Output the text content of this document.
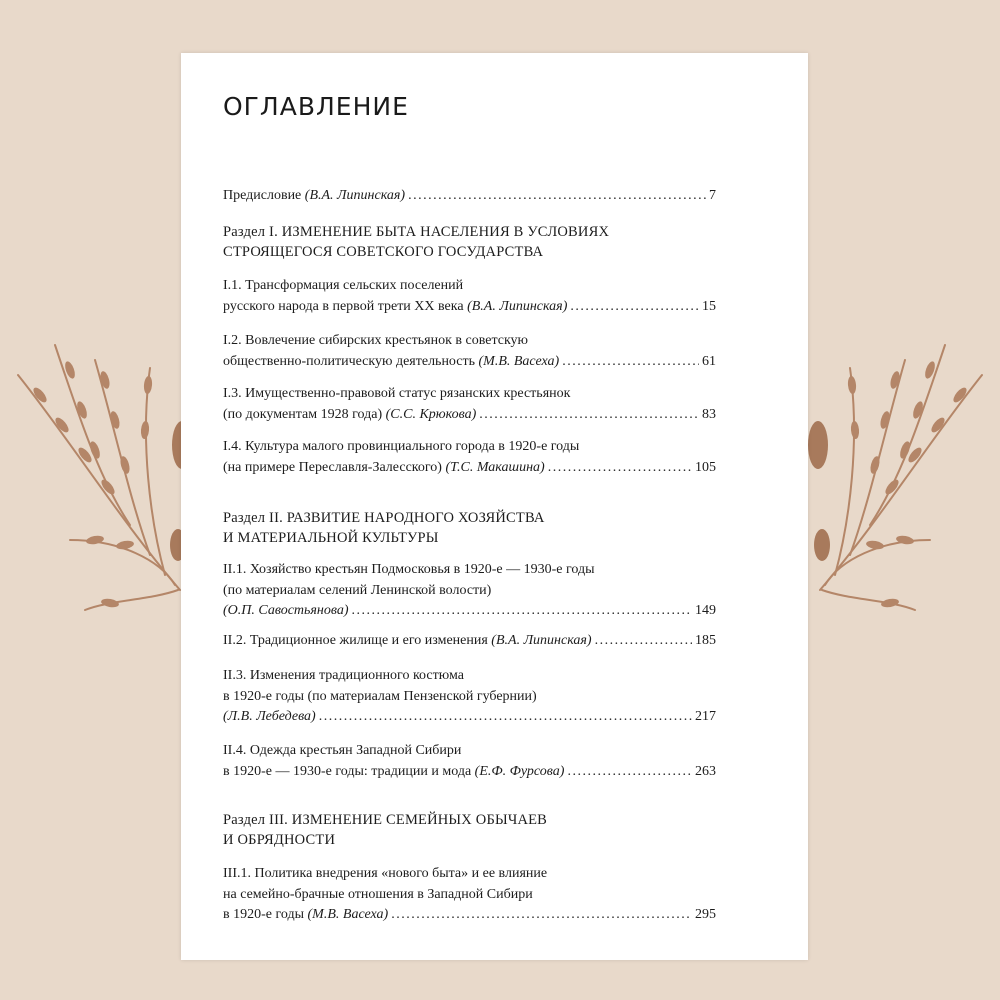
ОГЛАВЛЕНИЕ
Предисловие (В.А. Липинская) . . .	7
Раздел I. ИЗМЕНЕНИЕ БЫТА НАСЕЛЕНИЯ В УСЛОВИЯХ
СТРОЯЩЕГОСЯ СОВЕТСКОГО ГОСУДАРСТВА
I.1. Трансформация сельских поселений
русского народа в первой трети XX века (В.А. Липинская) . . .	15
I.2. Вовлечение сибирских крестьянок в советскую
общественно-политическую деятельность (М.В. Васеха) . . .	61
I.3. Имущественно-правовой статус рязанских крестьянок
(по документам 1928 года) (С.С. Крюкова) . . .	83
I.4. Культура малого провинциального города в 1920-е годы
(на примере Переславля-Залесского) (Т.С. Макашина) . . .	105
Раздел II. РАЗВИТИЕ НАРОДНОГО ХОЗЯЙСТВА
И МАТЕРИАЛЬНОЙ КУЛЬТУРЫ
II.1. Хозяйство крестьян Подмосковья в 1920-е — 1930-е годы
(по материалам селений Ленинской волости)
(О.П. Савостьянова) . . .	149
II.2. Традиционное жилище и его изменения (В.А. Липинская) . . .	185
II.3. Изменения традиционного костюма
в 1920-е годы (по материалам Пензенской губернии)
(Л.В. Лебедева) . . .	217
II.4. Одежда крестьян Западной Сибири
в 1920-е — 1930-е годы: традиции и мода (Е.Ф. Фурсова) . . .	263
Раздел III. ИЗМЕНЕНИЕ СЕМЕЙНЫХ ОБЫЧАЕВ
И ОБРЯДНОСТИ
III.1. Политика внедрения «нового быта» и ее влияние
на семейно-брачные отношения в Западной Сибири
в 1920-е годы (М.В. Васеха) . . .	295
